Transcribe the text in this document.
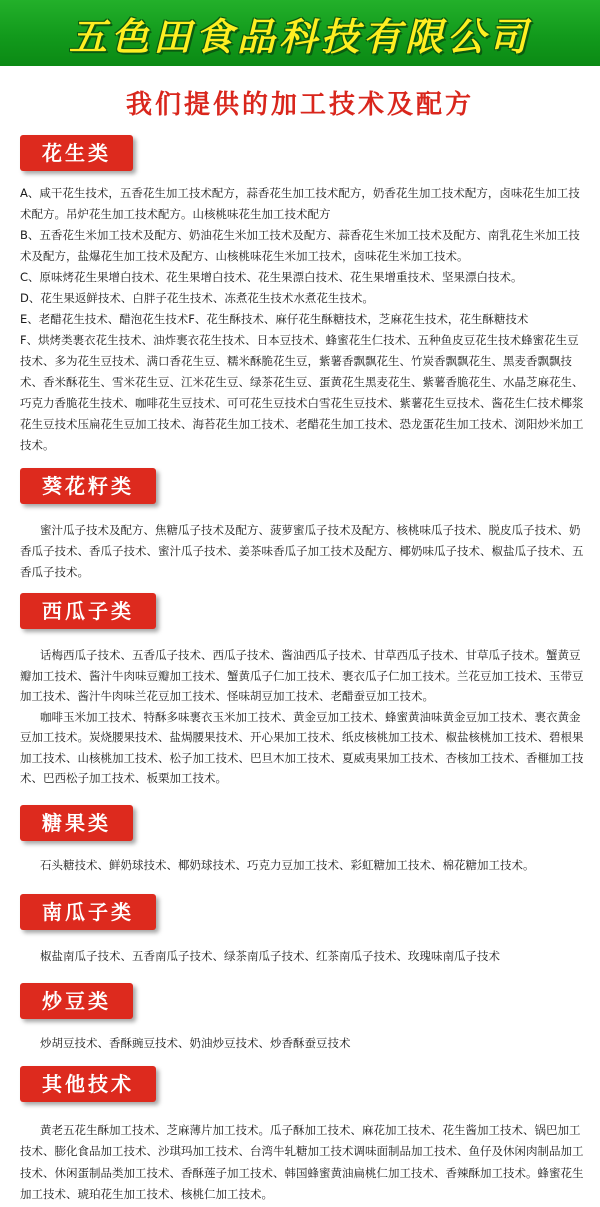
五色田食品科技有限公司
我们提供的加工技术及配方
花生类

A、咸干花生技术，五香花生加工技术配方，蒜香花生加工技术配方，奶香花生加工技术配方，卤味花生加工技术配方。吊炉花生加工技术配方。山核桃味花生加工技术配方

B、五香花生米加工技术及配方、奶油花生米加工技术及配方、蒜香花生米加工技术及配方、南乳花生米加工技术及配方，盐爆花生加工技术及配方、山核桃味花生米加工技术，卤味花生米加工技术。

C、原味烤花生果增白技术、花生果增白技术、花生果漂白技术、花生果增重技术、坚果漂白技术。

D、花生果返鲜技术、白胖子花生技术、冻煮花生技术水煮花生技术。

E、老醋花生技术、醋泡花生技术F、花生酥技术、麻仔花生酥糖技术，芝麻花生技术，花生酥糖技术

F、烘烤类裹衣花生技术、油炸裹衣花生技术、日本豆技术、蜂蜜花生仁技术、五种鱼皮豆花生技术蜂蜜花生豆技术、多为花生豆技术、满口香花生豆、糯米酥脆花生豆，紫薯香飘飘花生、竹炭香飘飘花生、黑麦香飘飘技术、香米酥花生、雪米花生豆、江米花生豆、绿茶花生豆、蛋黄花生黑麦花生、紫薯香脆花生、水晶芝麻花生、巧克力香脆花生技术、咖啡花生豆技术、可可花生豆技术白雪花生豆技术、紫薯花生豆技术、酱花生仁技术椰浆花生豆技术压扁花生豆加工技术、海苔花生加工技术、老醋花生加工技术、恐龙蛋花生加工技术、浏阳炒米加工技术。

葵花籽类

蜜汁瓜子技术及配方、焦糖瓜子技术及配方、菠萝蜜瓜子技术及配方、核桃味瓜子技术、脱皮瓜子技术、奶香瓜子技术、香瓜子技术、蜜汁瓜子技术、姜茶味香瓜子加工技术及配方、椰奶味瓜子技术、椒盐瓜子技术、五香瓜子技术。

西瓜子类

话梅西瓜子技术、五香瓜子技术、西瓜子技术、酱油西瓜子技术、甘草西瓜子技术、甘草瓜子技术。蟹黄豆瓣加工技术、酱汁牛肉味豆瓣加工技术、蟹黄瓜子仁加工技术、裹衣瓜子仁加工技术。兰花豆加工技术、玉带豆加工技术、酱汁牛肉味兰花豆加工技术、怪味胡豆加工技术、老醋蚕豆加工技术。

咖啡玉米加工技术、特酥多味裹衣玉米加工技术、黄金豆加工技术、蜂蜜黄油味黄金豆加工技术、裹衣黄金豆加工技术。炭烧腰果技术、盐焗腰果技术、开心果加工技术、纸皮核桃加工技术、椒盐核桃加工技术、碧根果加工技术、山核桃加工技术、松子加工技术、巴旦木加工技术、夏威夷果加工技术、杏核加工技术、香榧加工技术、巴西松子加工技术、板栗加工技术。

糖果类

石头糖技术、鲜奶球技术、椰奶球技术、巧克力豆加工技术、彩虹糖加工技术、棉花糖加工技术。

南瓜子类

椒盐南瓜子技术、五香南瓜子技术、绿茶南瓜子技术、红茶南瓜子技术、玫瑰味南瓜子技术

炒豆类

炒胡豆技术、香酥豌豆技术、奶油炒豆技术、炒香酥蚕豆技术

其他技术

黄老五花生酥加工技术、芝麻薄片加工技术。瓜子酥加工技术、麻花加工技术、花生酱加工技术、锅巴加工技术、膨化食品加工技术、沙琪玛加工技术、台湾牛轧糖加工技术调味面制品加工技术、鱼仔及休闲肉制品加工技术、休闲蛋制品类加工技术、香酥莲子加工技术、韩国蜂蜜黄油扁桃仁加工技术、香辣酥加工技术。蜂蜜花生加工技术、琥珀花生加工技术、核桃仁加工技术。
